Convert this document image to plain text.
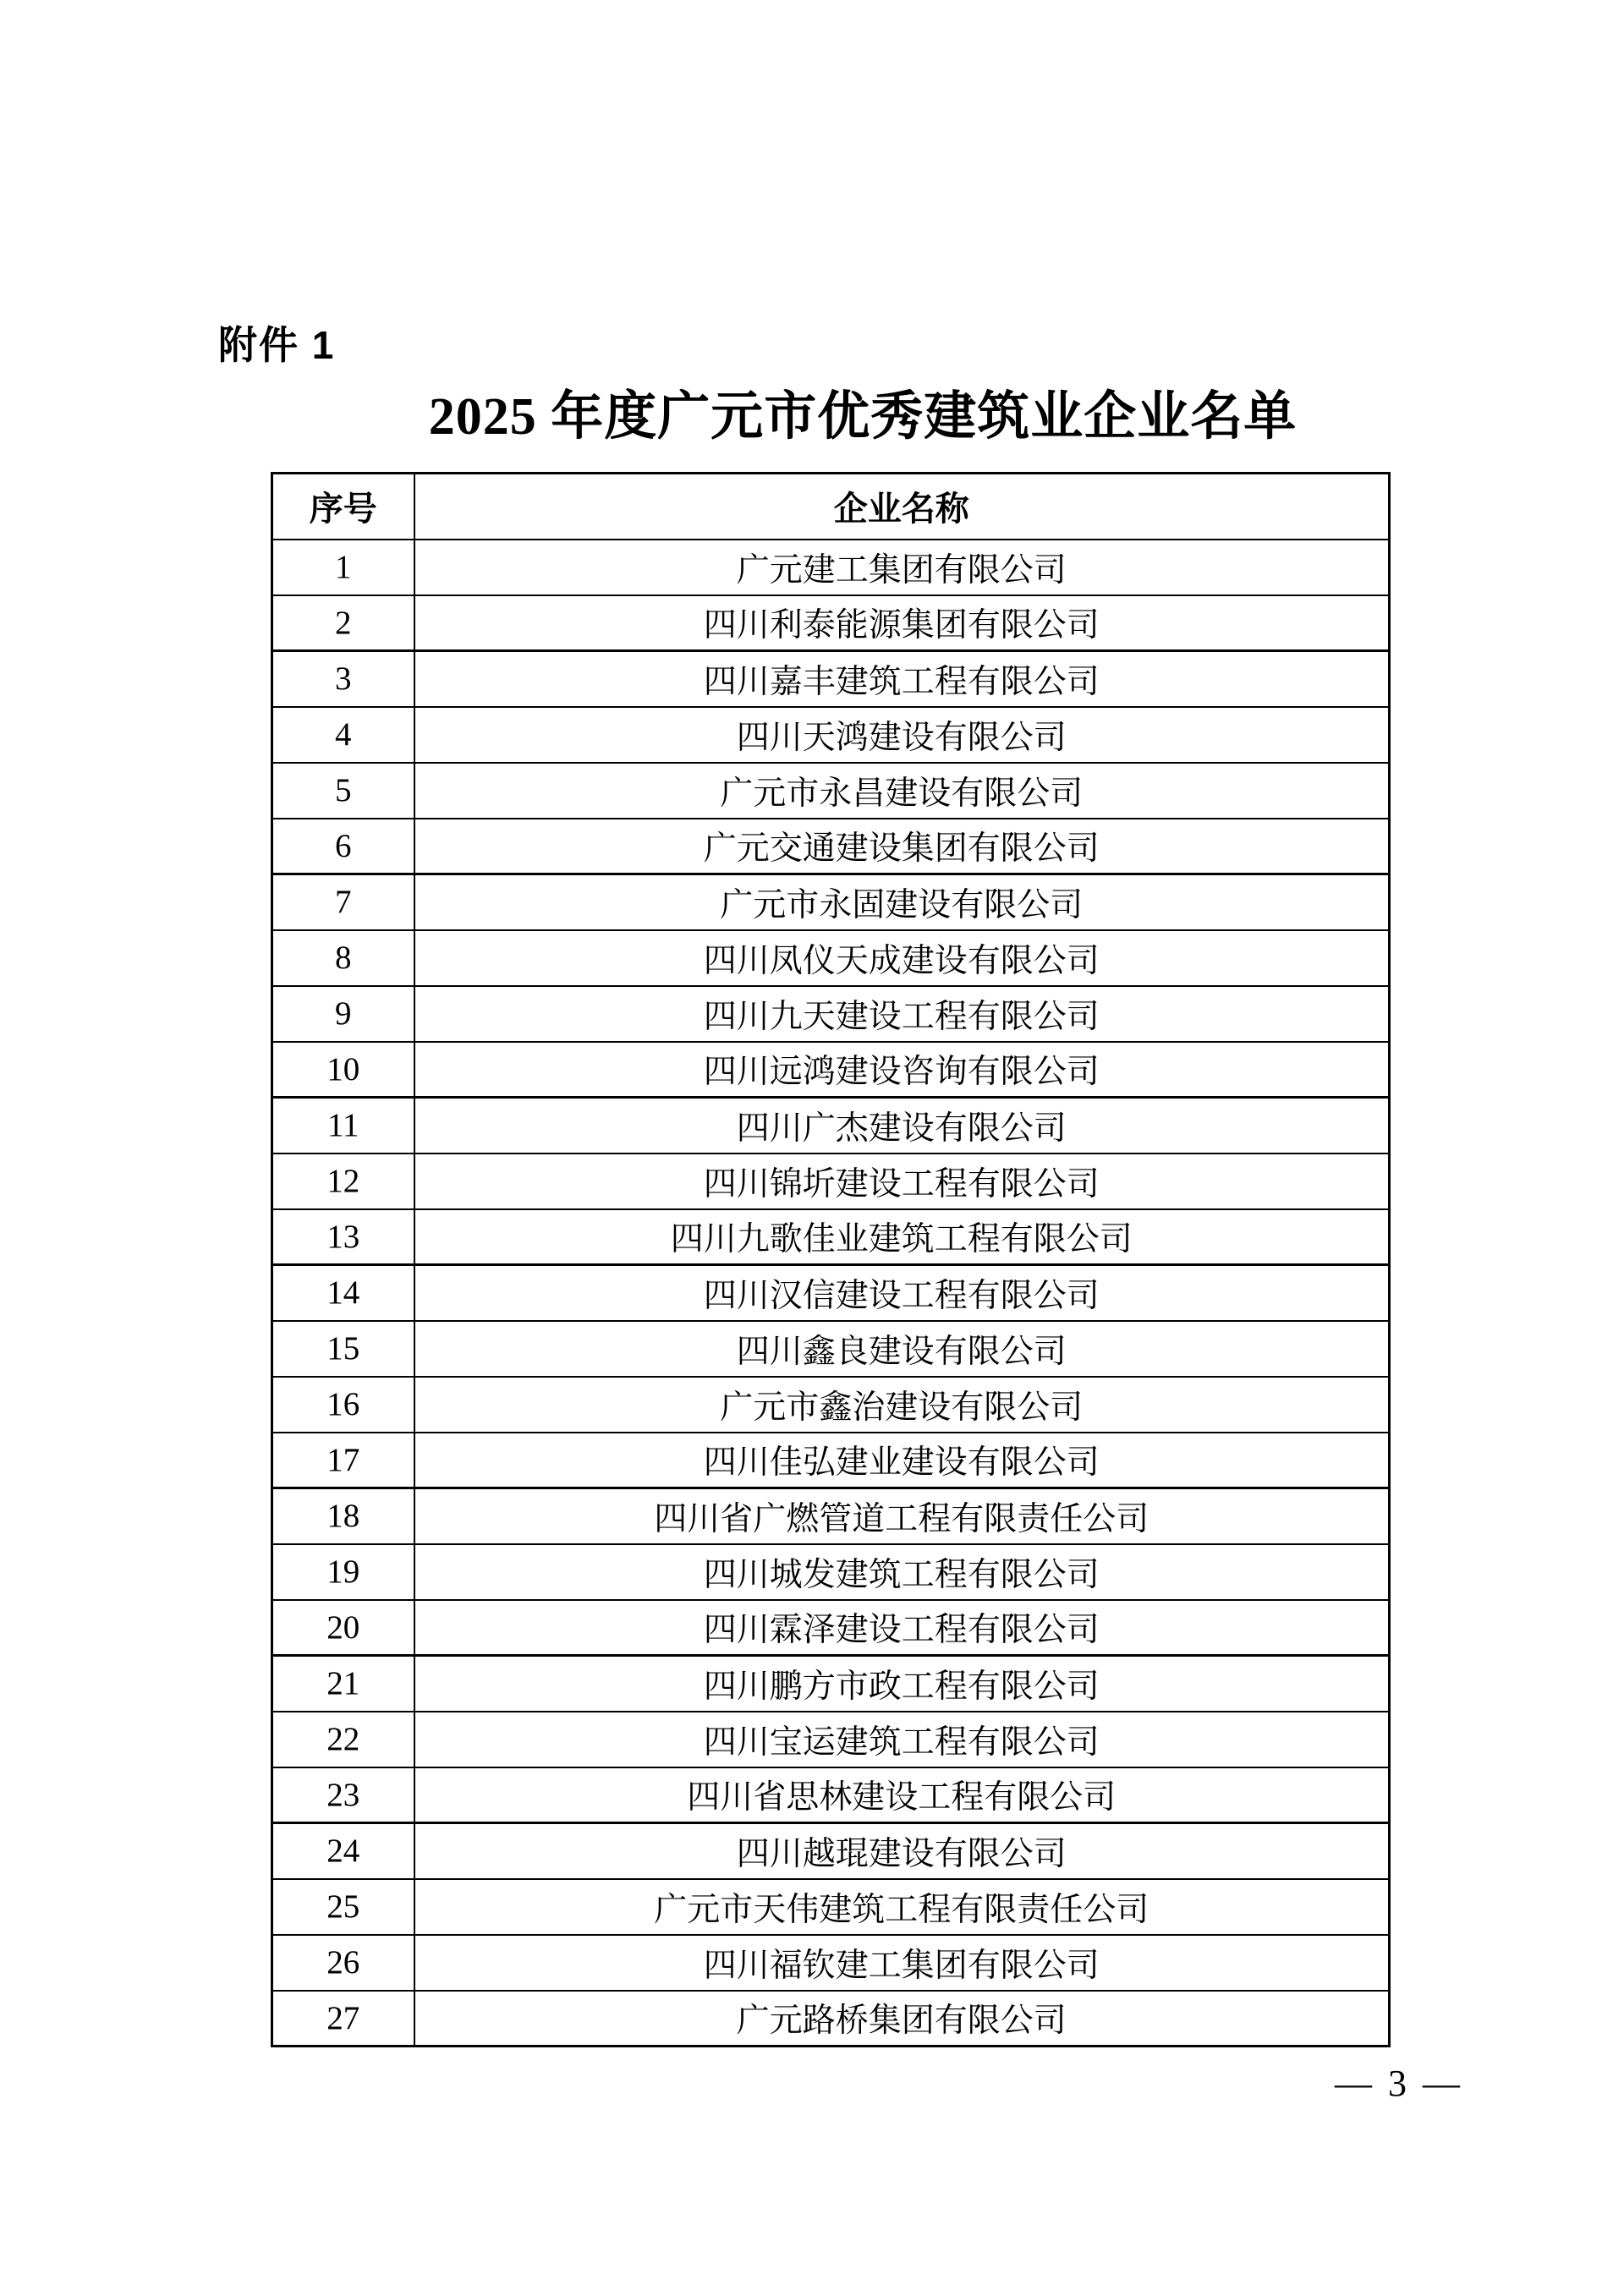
附件 1
2025 年度广元市优秀建筑业企业名单
序号	企业名称
1	广元建工集团有限公司
2	四川利泰能源集团有限公司
3	四川嘉丰建筑工程有限公司
4	四川天鸿建设有限公司
5	广元市永昌建设有限公司
6	广元交通建设集团有限公司
7	广元市永固建设有限公司
8	四川凤仪天成建设有限公司
9	四川九天建设工程有限公司
10	四川远鸿建设咨询有限公司
11	四川广杰建设有限公司
12	四川锦圻建设工程有限公司
13	四川九歌佳业建筑工程有限公司
14	四川汉信建设工程有限公司
15	四川鑫良建设有限公司
16	广元市鑫治建设有限公司
17	四川佳弘建业建设有限公司
18	四川省广燃管道工程有限责任公司
19	四川城发建筑工程有限公司
20	四川霖泽建设工程有限公司
21	四川鹏方市政工程有限公司
22	四川宝运建筑工程有限公司
23	四川省思林建设工程有限公司
24	四川越琨建设有限公司
25	广元市天伟建筑工程有限责任公司
26	四川福钦建工集团有限公司
27	广元路桥集团有限公司
— 3 —
